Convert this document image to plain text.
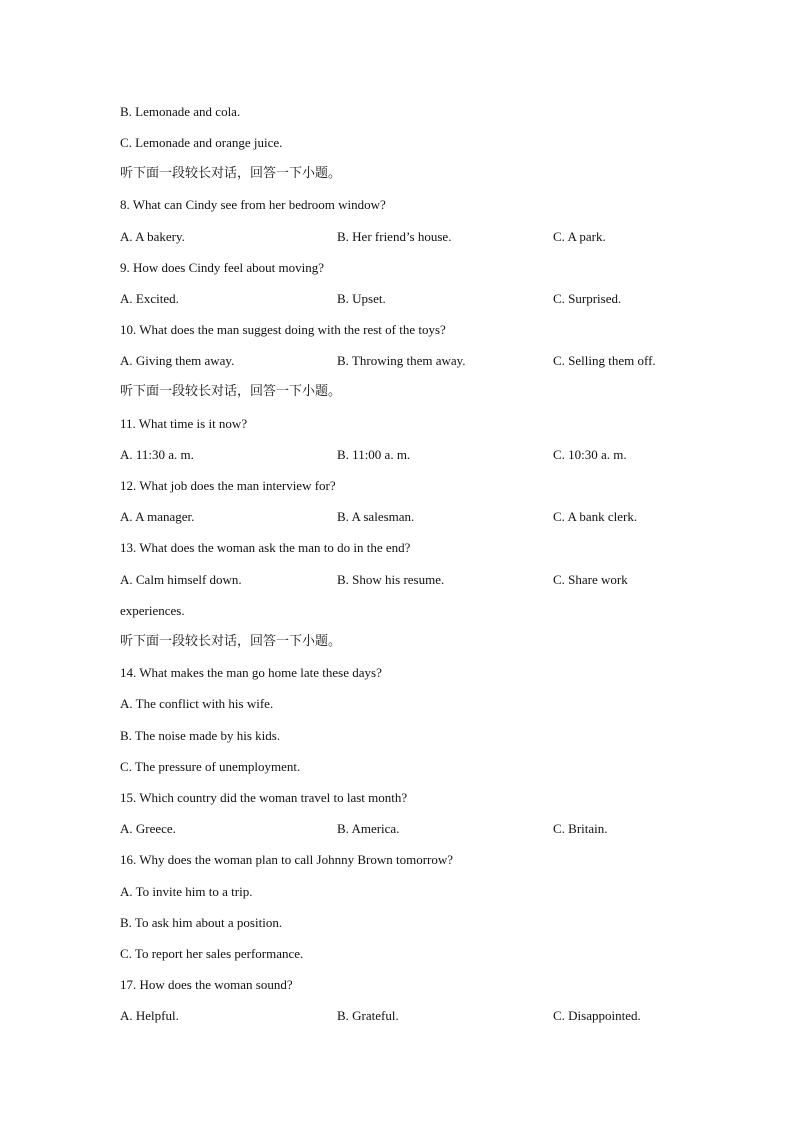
B. Lemonade and cola.
C. Lemonade and orange juice.
听下面一段较长对话，回答一下小题。
8. What can Cindy see from her bedroom window?
A. A bakery.	B. Her friend’s house.	C. A park.
9. How does Cindy feel about moving?
A. Excited.	B. Upset.	C. Surprised.
10. What does the man suggest doing with the rest of the toys?
A. Giving them away.	B. Throwing them away.	C. Selling them off.
听下面一段较长对话，回答一下小题。
11. What time is it now?
A. 11:30 a. m.	B. 11:00 a. m.	C. 10:30 a. m.
12. What job does the man interview for?
A. A manager.	B. A salesman.	C. A bank clerk.
13. What does the woman ask the man to do in the end?
A. Calm himself down.	B. Show his resume.	C. Share work
experiences.
听下面一段较长对话，回答一下小题。
14. What makes the man go home late these days?
A. The conflict with his wife.
B. The noise made by his kids.
C. The pressure of unemployment.
15. Which country did the woman travel to last month?
A. Greece.	B. America.	C. Britain.
16. Why does the woman plan to call Johnny Brown tomorrow?
A. To invite him to a trip.
B. To ask him about a position.
C. To report her sales performance.
17. How does the woman sound?
A. Helpful.	B. Grateful.	C. Disappointed.
